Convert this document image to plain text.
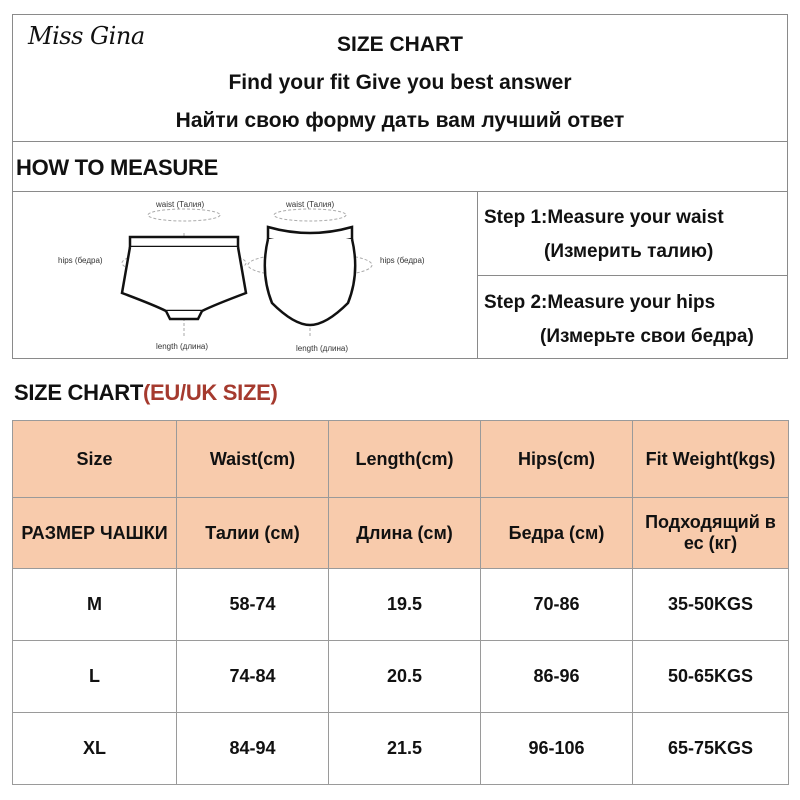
Miss Gina	SIZE CHART
Find your fit Give you best answer
Найти свою форму дать вам лучший ответ
HOW TO MEASURE
waist (Талия)
hips (бедра)
length (длина)
waist (Талия)
hips (бедра)
length (длина)
Step 1:Measure your waist
(Измерить талию)
Step 2:Measure your hips
(Измерьте свои бедра)
SIZE CHART(EU/UK SIZE)
Size	Waist(cm)	Length(cm)	Hips(cm)	Fit Weight(kgs)
РАЗМЕР ЧАШКИ	Талии (см)	Длина (см)	Бедра (см)	Подходящий в ес (кг)
M	58-74	19.5	70-86	35-50KGS
L	74-84	20.5	86-96	50-65KGS
XL	84-94	21.5	96-106	65-75KGS
